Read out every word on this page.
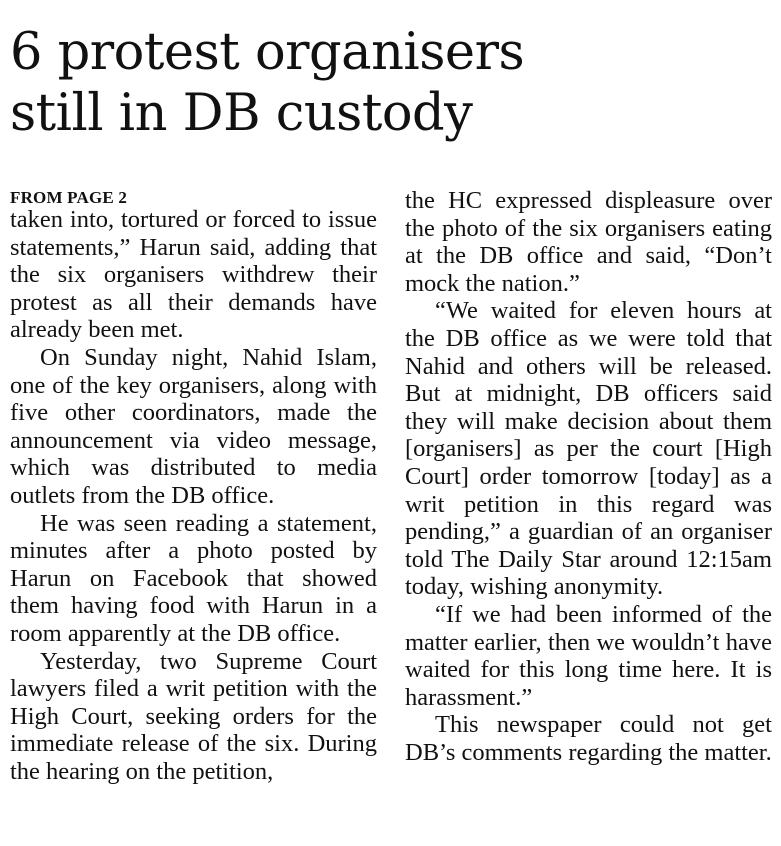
6 protest organisers
still in DB custody
FROM PAGE 2

taken into, tortured or forced to issue statements,” Harun said, adding that the six organisers withdrew their protest as all their demands have already been met.

On Sunday night, Nahid Islam, one of the key organisers, along with five other coordinators, made the announcement via video message, which was distributed to media outlets from the DB office.

He was seen reading a statement, minutes after a photo posted by Harun on Facebook that showed them having food with Harun in a room apparently at the DB office.

Yesterday, two Supreme Court lawyers filed a writ petition with the High Court, seeking orders for the immediate release of the six. During the hearing on the petition,

the HC expressed displeasure over the photo of the six organisers eating at the DB office and said, “Don’t mock the nation.”

“We waited for eleven hours at the DB office as we were told that Nahid and others will be released. But at midnight, DB officers said they will make decision about them [organisers] as per the court [High Court] order tomorrow [today] as a writ petition in this regard was pending,” a guardian of an organiser told The Daily Star around 12:15am today, wishing anonymity.

“If we had been informed of the matter earlier, then we wouldn’t have waited for this long time here. It is harassment.”

This newspaper could not get DB’s comments regarding the matter.
